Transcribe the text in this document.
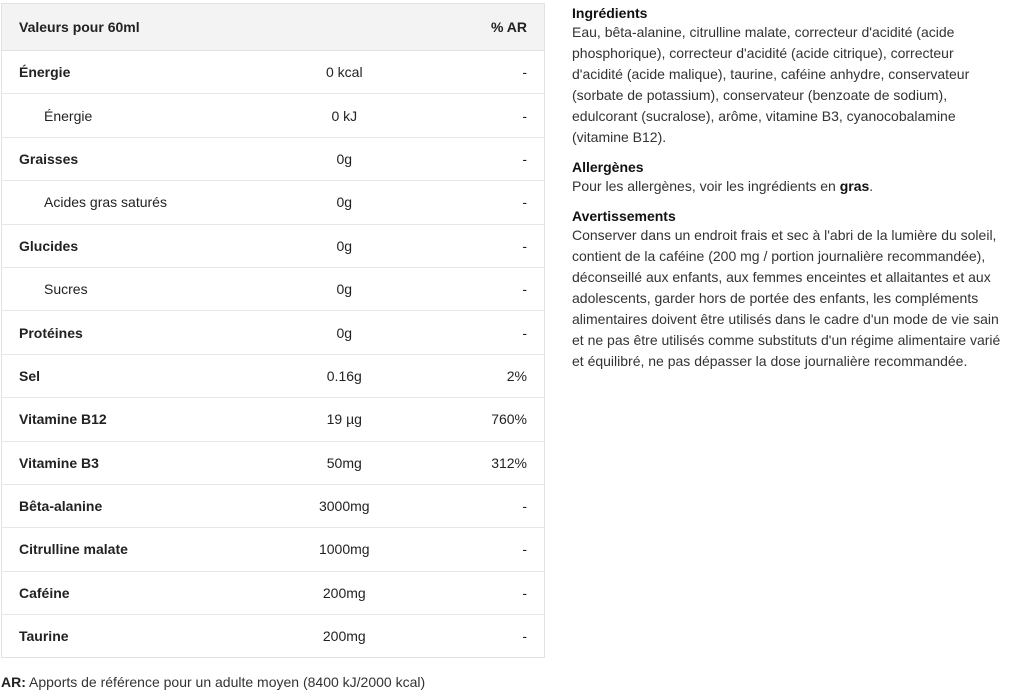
Valeurs pour 60ml		% AR
Énergie	0 kcal	-
Énergie	0 kJ	-
Graisses	0g	-
Acides gras saturés	0g	-
Glucides	0g	-
Sucres	0g	-
Protéines	0g	-
Sel	0.16g	2%
Vitamine B12	19 µg	760%
Vitamine B3	50mg	312%
Bêta-alanine	3000mg	-
Citrulline malate	1000mg	-
Caféine	200mg	-
Taurine	200mg	-
AR: Apports de référence pour un adulte moyen (8400 kJ/2000 kcal)
Ingrédients

Eau, bêta-alanine, citrulline malate, correcteur d'acidité (acide phosphorique), correcteur d'acidité (acide citrique), correcteur d'acidité (acide malique), taurine, caféine anhydre, conservateur (sorbate de potassium), conservateur (benzoate de sodium), edulcorant (sucralose), arôme, vitamine B3, cyanocobalamine (vitamine B12).

Allergènes

Pour les allergènes, voir les ingrédients en gras.

Avertissements

Conserver dans un endroit frais et sec à l'abri de la lumière du soleil, contient de la caféine (200 mg / portion journalière recommandée), déconseillé aux enfants, aux femmes enceintes et allaitantes et aux adolescents, garder hors de portée des enfants, les compléments alimentaires doivent être utilisés dans le cadre d'un mode de vie sain et ne pas être utilisés comme substituts d'un régime alimentaire varié et équilibré, ne pas dépasser la dose journalière recommandée.
